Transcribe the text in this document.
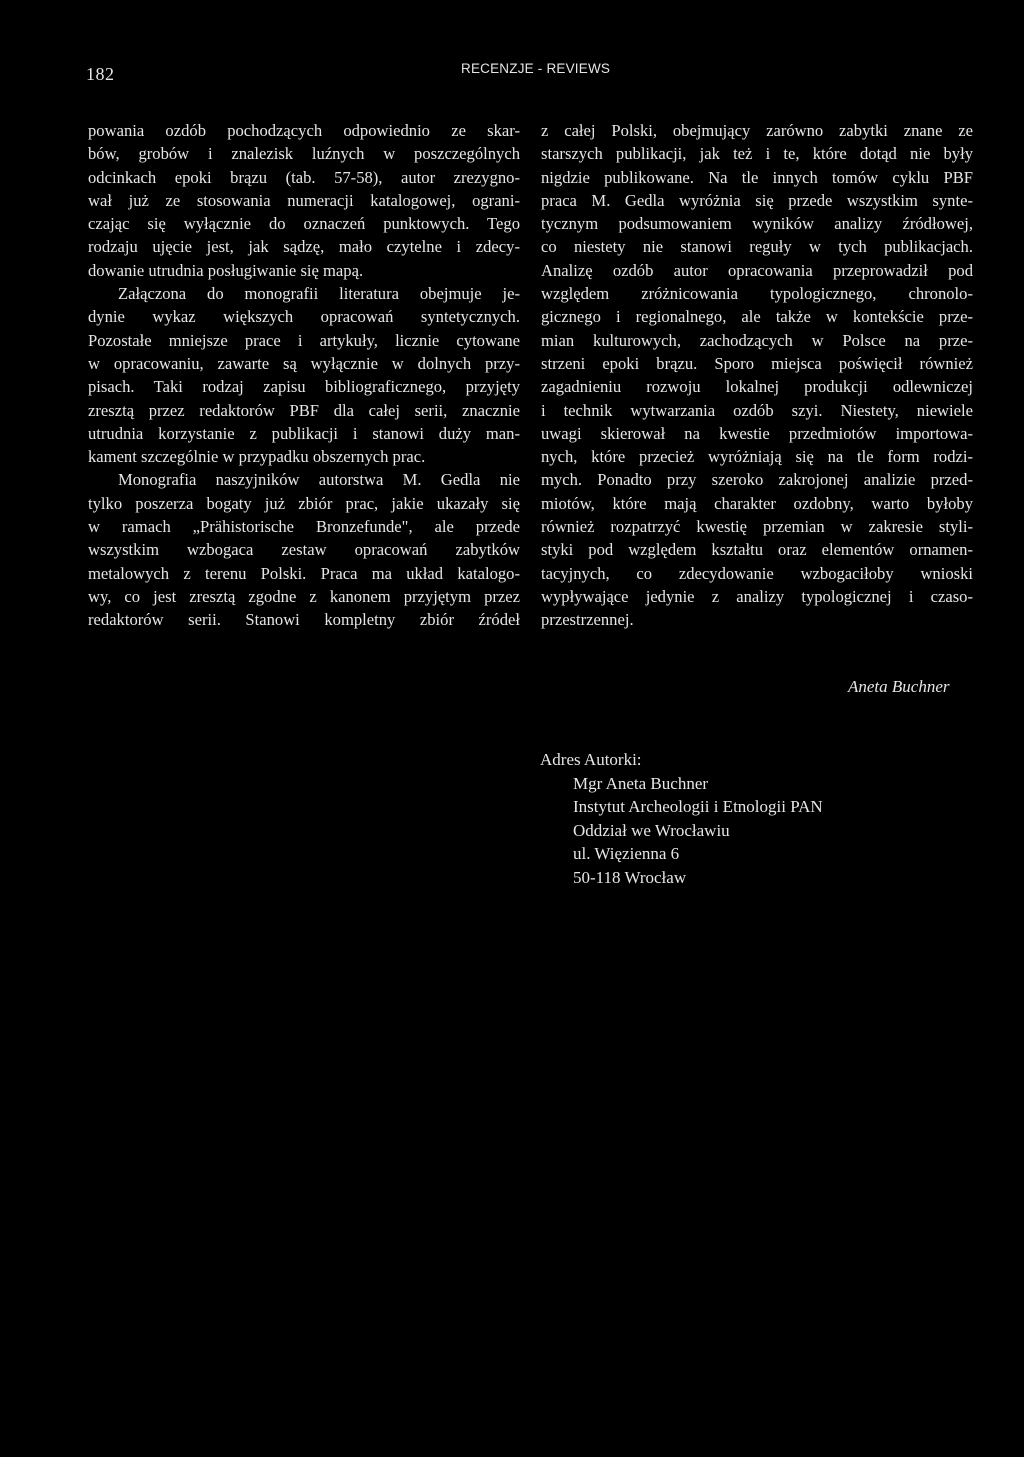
182	RECENZJE - REVIEWS
powania ozdób pochodzących odpowiednio ze skar-
bów, grobów i znalezisk luźnych w poszczególnych
odcinkach epoki brązu (tab. 57-58), autor zrezygno-
wał już ze stosowania numeracji katalogowej, ograni-
czając się wyłącznie do oznaczeń punktowych. Tego
rodzaju ujęcie jest, jak sądzę, mało czytelne i zdecy-
dowanie utrudnia posługiwanie się mapą.
Załączona do monografii literatura obejmuje je-
dynie wykaz większych opracowań syntetycznych.
Pozostałe mniejsze prace i artykuły, licznie cytowane
w opracowaniu, zawarte są wyłącznie w dolnych przy-
pisach. Taki rodzaj zapisu bibliograficznego, przyjęty
zresztą przez redaktorów PBF dla całej serii, znacznie
utrudnia korzystanie z publikacji i stanowi duży man-
kament szczególnie w przypadku obszernych prac.
Monografia naszyjników autorstwa M. Gedla nie
tylko poszerza bogaty już zbiór prac, jakie ukazały się
w ramach „Prähistorische Bronzefunde", ale przede
wszystkim wzbogaca zestaw opracowań zabytków
metalowych z terenu Polski. Praca ma układ katalogo-
wy, co jest zresztą zgodne z kanonem przyjętym przez
redaktorów serii. Stanowi kompletny zbiór źródeł
z całej Polski, obejmujący zarówno zabytki znane ze
starszych publikacji, jak też i te, które dotąd nie były
nigdzie publikowane. Na tle innych tomów cyklu PBF
praca M. Gedla wyróżnia się przede wszystkim synte-
tycznym podsumowaniem wyników analizy źródłowej,
co niestety nie stanowi reguły w tych publikacjach.
Analizę ozdób autor opracowania przeprowadził pod
względem zróżnicowania typologicznego, chronolo-
gicznego i regionalnego, ale także w kontekście prze-
mian kulturowych, zachodzących w Polsce na prze-
strzeni epoki brązu. Sporo miejsca poświęcił również
zagadnieniu rozwoju lokalnej produkcji odlewniczej
i technik wytwarzania ozdób szyi. Niestety, niewiele
uwagi skierował na kwestie przedmiotów importowa-
nych, które przecież wyróżniają się na tle form rodzi-
mych. Ponadto przy szeroko zakrojonej analizie przed-
miotów, które mają charakter ozdobny, warto byłoby
również rozpatrzyć kwestię przemian w zakresie styli-
styki pod względem kształtu oraz elementów ornamen-
tacyjnych, co zdecydowanie wzbogaciłoby wnioski
wypływające jedynie z analizy typologicznej i czaso-
przestrzennej.
Aneta Buchner
Adres Autorki:
Mgr Aneta Buchner
Instytut Archeologii i Etnologii PAN
Oddział we Wrocławiu
ul. Więzienna 6
50-118 Wrocław
